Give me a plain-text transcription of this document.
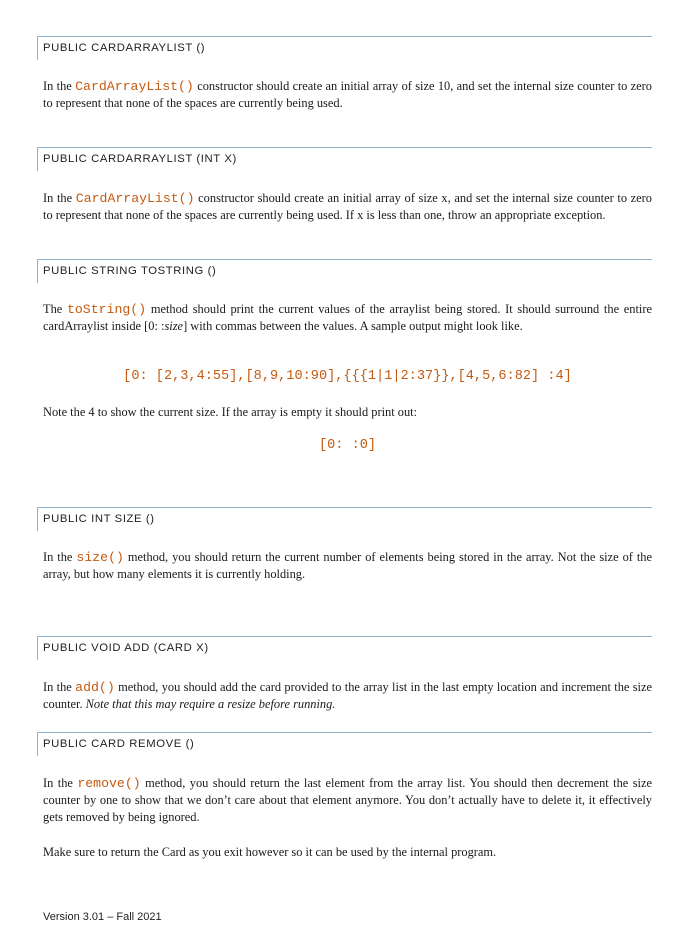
PUBLIC CARDARRAYLIST ()

In the CardArrayList() constructor should create an initial array of size 10, and set the internal size counter to zero to represent that none of the spaces are currently being used.

PUBLIC CARDARRAYLIST (INT X)

In the CardArrayList() constructor should create an initial array of size x, and set the internal size counter to zero to represent that none of the spaces are currently being used. If x is less than one, throw an appropriate exception.

PUBLIC STRING TOSTRING ()

The toString() method should print the current values of the arraylist being stored. It should surround the entire cardArraylist inside [0: :size] with commas between the values. A sample output might look like.

[0: [2,3,4:55],[8,9,10:90],{{{1|1|2:37}},[4,5,6:82] :4]

Note the 4 to show the current size. If the array is empty it should print out:

[0: :0]
PUBLIC INT SIZE ()

In the size() method, you should return the current number of elements being stored in the array. Not the size of the array, but how many elements it is currently holding.

PUBLIC VOID ADD (CARD X)

In the add() method, you should add the card provided to the array list in the last empty location and increment the size counter. Note that this may require a resize before running.

PUBLIC CARD REMOVE ()

In the remove() method, you should return the last element from the array list. You should then decrement the size counter by one to show that we don’t care about that element anymore. You don’t actually have to delete it, it effectively gets removed by being ignored.

Make sure to return the Card as you exit however so it can be used by the internal program.

Version 3.01 – Fall 2021
